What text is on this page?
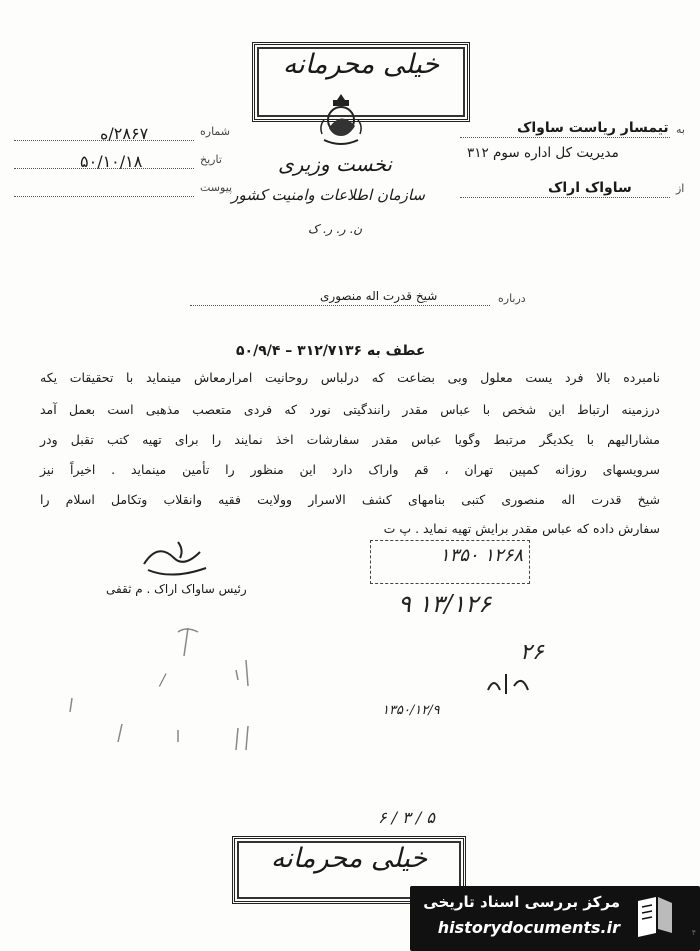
خیلی محرمانه
نخست وزیری
سازمان اطلاعات وامنیت کشور
ن. ر. ر. ک
شماره
۲۸۶۷/ه
تاریخ
۵۰/۱۰/۱۸
پیوست
به
تیمسار ریاست ساواک
مدیریت کل اداره سوم ۳۱۲
از
ساواک اراک
درباره
شیخ قدرت اله منصوری
عطف به ۳۱۲/۷۱۳۶ – ۵۰/۹/۴
نامبرده بالا فرد یست معلول وبی بضاعت که درلباس روحانیت امرارمعاش مینماید با تحقیقات یکه
درزمینه ارتباط این شخص با عباس مقدر رانندگیتی نورد که فردی متعصب مذهبی است بعمل آمد
مشارالیهم با یکدیگر مرتبط وگویا عباس مقدر سفارشات اخذ نمایند را برای تهیه کتب تقبل ودر
سرویسهای روزانه کمپین تهران ، قم واراک دارد این منظور را تأمین مینماید . اخیراً نیز
شیخ قدرت اله منصوری کتبی بنامهای کشف الاسرار وولایت فقیه وانقلاب وتکامل اسلام را
سفارش داده که عباس مقدر برایش تهیه نماید . پ ت
رئیس ساواک اراک . م ثقفی
۱۲۶۸ ۱۳۵۰
۹ ۱۳/۱۲۶
۲۶
۱۳۵۰/۱۲/۹
/
۵ / ۳ / ۶
خیلی محرمانه
مرکز بررسی اسناد تاریخی
historydocuments.ir	۴
